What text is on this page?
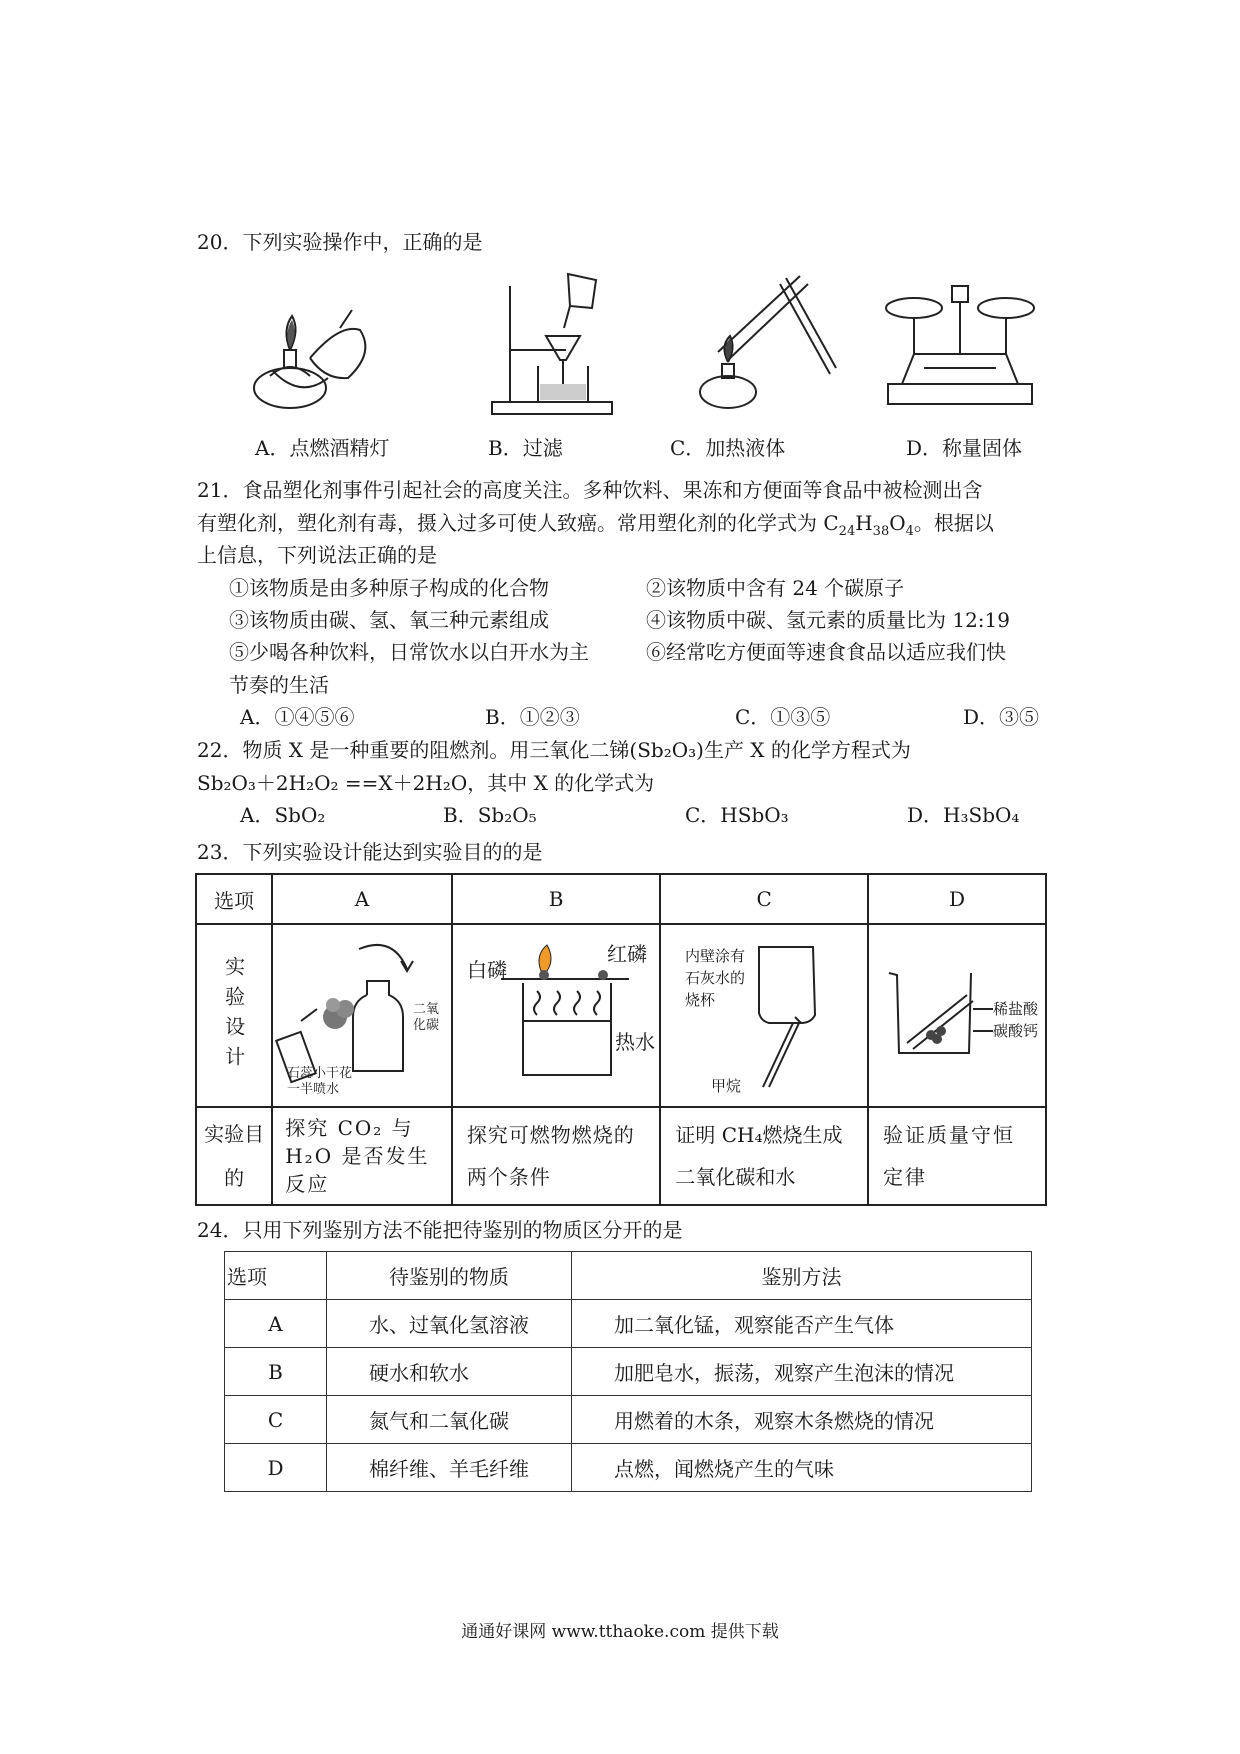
20．下列实验操作中，正确的是
A．点燃酒精灯	B．过滤	C．加热液体	D．称量固体
21．食品塑化剂事件引起社会的高度关注。多种饮料、果冻和方便面等食品中被检测出含
有塑化剂，塑化剂有毒，摄入过多可使人致癌。常用塑化剂的化学式为 $C_{24}H_{38}O_4$。根据以
上信息，下列说法正确的是
①该物质是由多种原子构成的化合物	②该物质中含有 24 个碳原子
③该物质由碳、氢、氧三种元素组成	④该物质中碳、氢元素的质量比为 12:19
⑤少喝各种饮料，日常饮水以白开水为主	⑥经常吃方便面等速食食品以适应我们快
节奏的生活
A．①④⑤⑥	B．①②③	C．①③⑤	D．③⑤
22．物质 X 是一种重要的阻燃剂。用三氧化二锑(Sb₂O₃)生产 X 的化学方程式为
Sb₂O₃＋2H₂O₂ ==X＋2H₂O，其中 X 的化学式为
A．SbO₂	B．Sb₂O₅	C．HSbO₃	D．H₃SbO₄
23．下列实验设计能达到实验目的的是
选项	A	B	C	D

实验设计	二氧
化碳
石蕊小干花
一半喷水	白磷
红磷
热水	内壁涂有
石灰水的
烧杯
甲烷	稀盐酸
碳酸钙

实验目的	探究 CO₂ 与 H₂O 是否发生反应	探究可燃物燃烧的两个条件	证明 CH₄燃烧生成二氧化碳和水	验证质量守恒定律
24．只用下列鉴别方法不能把待鉴别的物质区分开的是
选项	待鉴别的物质	鉴别方法
A	水、过氧化氢溶液	加二氧化锰，观察能否产生气体
B	硬水和软水	加肥皂水，振荡，观察产生泡沫的情况
C	氮气和二氧化碳	用燃着的木条，观察木条燃烧的情况
D	棉纤维、羊毛纤维	点燃，闻燃烧产生的气味
通通好课网 www.tthaoke.com 提供下载
